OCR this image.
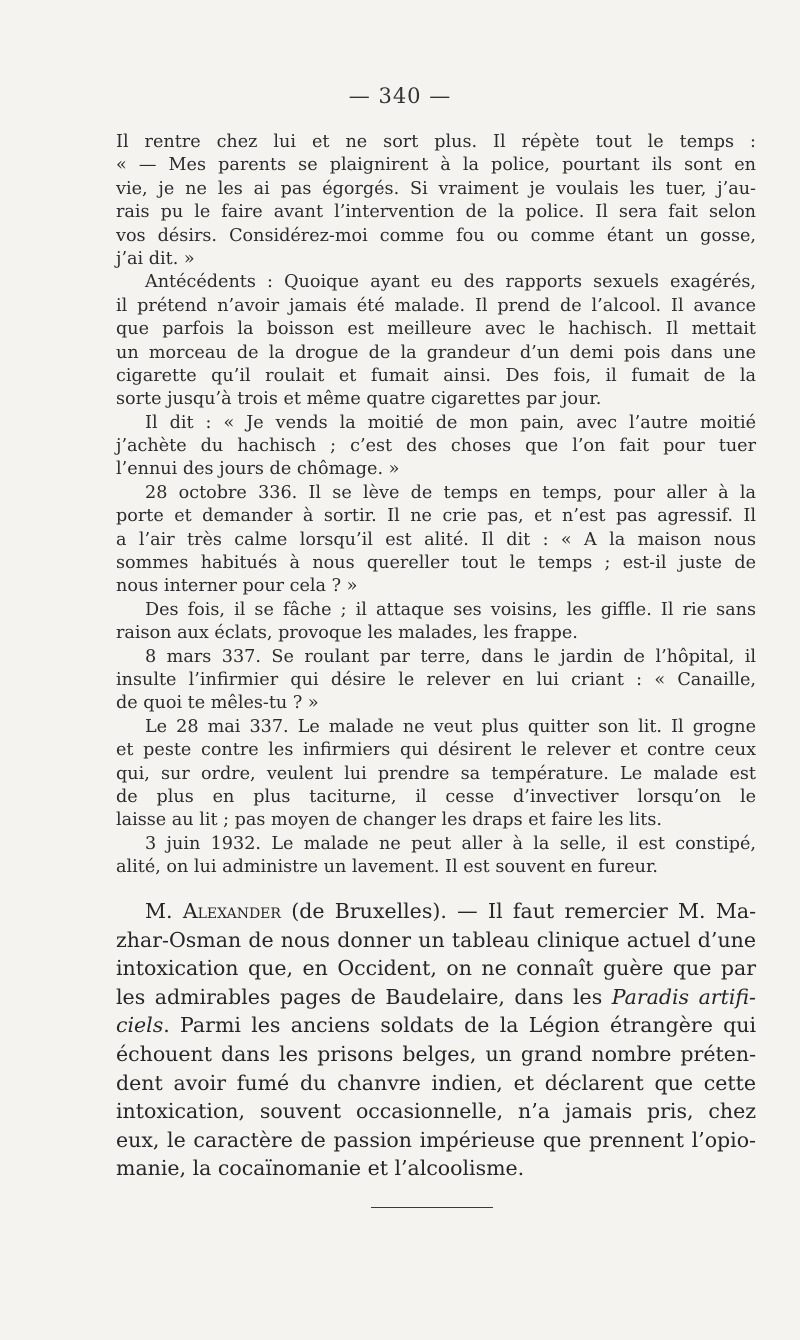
— 340 —
Il rentre chez lui et ne sort plus. Il répète tout le temps :
« — Mes parents se plaignirent à la police, pourtant ils sont en
vie, je ne les ai pas égorgés. Si vraiment je voulais les tuer, j’au-
rais pu le faire avant l’intervention de la police. Il sera fait selon
vos désirs. Considérez-moi comme fou ou comme étant un gosse,
j’ai dit. »
Antécédents : Quoique ayant eu des rapports sexuels exagérés,
il prétend n’avoir jamais été malade. Il prend de l’alcool. Il avance
que parfois la boisson est meilleure avec le hachisch. Il mettait
un morceau de la drogue de la grandeur d’un demi pois dans une
cigarette qu’il roulait et fumait ainsi. Des fois, il fumait de la
sorte jusqu’à trois et même quatre cigarettes par jour.
Il dit : « Je vends la moitié de mon pain, avec l’autre moitié
j’achète du hachisch ; c’est des choses que l’on fait pour tuer
l’ennui des jours de chômage. »
28 octobre 336. Il se lève de temps en temps, pour aller à la
porte et demander à sortir. Il ne crie pas, et n’est pas agressif. Il
a l’air très calme lorsqu’il est alité. Il dit : « A la maison nous
sommes habitués à nous quereller tout le temps ; est-il juste de
nous interner pour cela ? »
Des fois, il se fâche ; il attaque ses voisins, les giffle. Il rie sans
raison aux éclats, provoque les malades, les frappe.
8 mars 337. Se roulant par terre, dans le jardin de l’hôpital, il
insulte l’infirmier qui désire le relever en lui criant : « Canaille,
de quoi te mêles-tu ? »
Le 28 mai 337. Le malade ne veut plus quitter son lit. Il grogne
et peste contre les infirmiers qui désirent le relever et contre ceux
qui, sur ordre, veulent lui prendre sa température. Le malade est
de plus en plus taciturne, il cesse d’invectiver lorsqu’on le
laisse au lit ; pas moyen de changer les draps et faire les lits.
3 juin 1932. Le malade ne peut aller à la selle, il est constipé,
alité, on lui administre un lavement. Il est souvent en fureur.
M. Alexander (de Bruxelles). — Il faut remercier M. Ma-
zhar-Osman de nous donner un tableau clinique actuel d’une
intoxication que, en Occident, on ne connaît guère que par
les admirables pages de Baudelaire, dans les Paradis artifi-
ciels. Parmi les anciens soldats de la Légion étrangère qui
échouent dans les prisons belges, un grand nombre préten-
dent avoir fumé du chanvre indien, et déclarent que cette
intoxication, souvent occasionnelle, n’a jamais pris, chez
eux, le caractère de passion impérieuse que prennent l’opio-
manie, la cocaïnomanie et l’alcoolisme.
